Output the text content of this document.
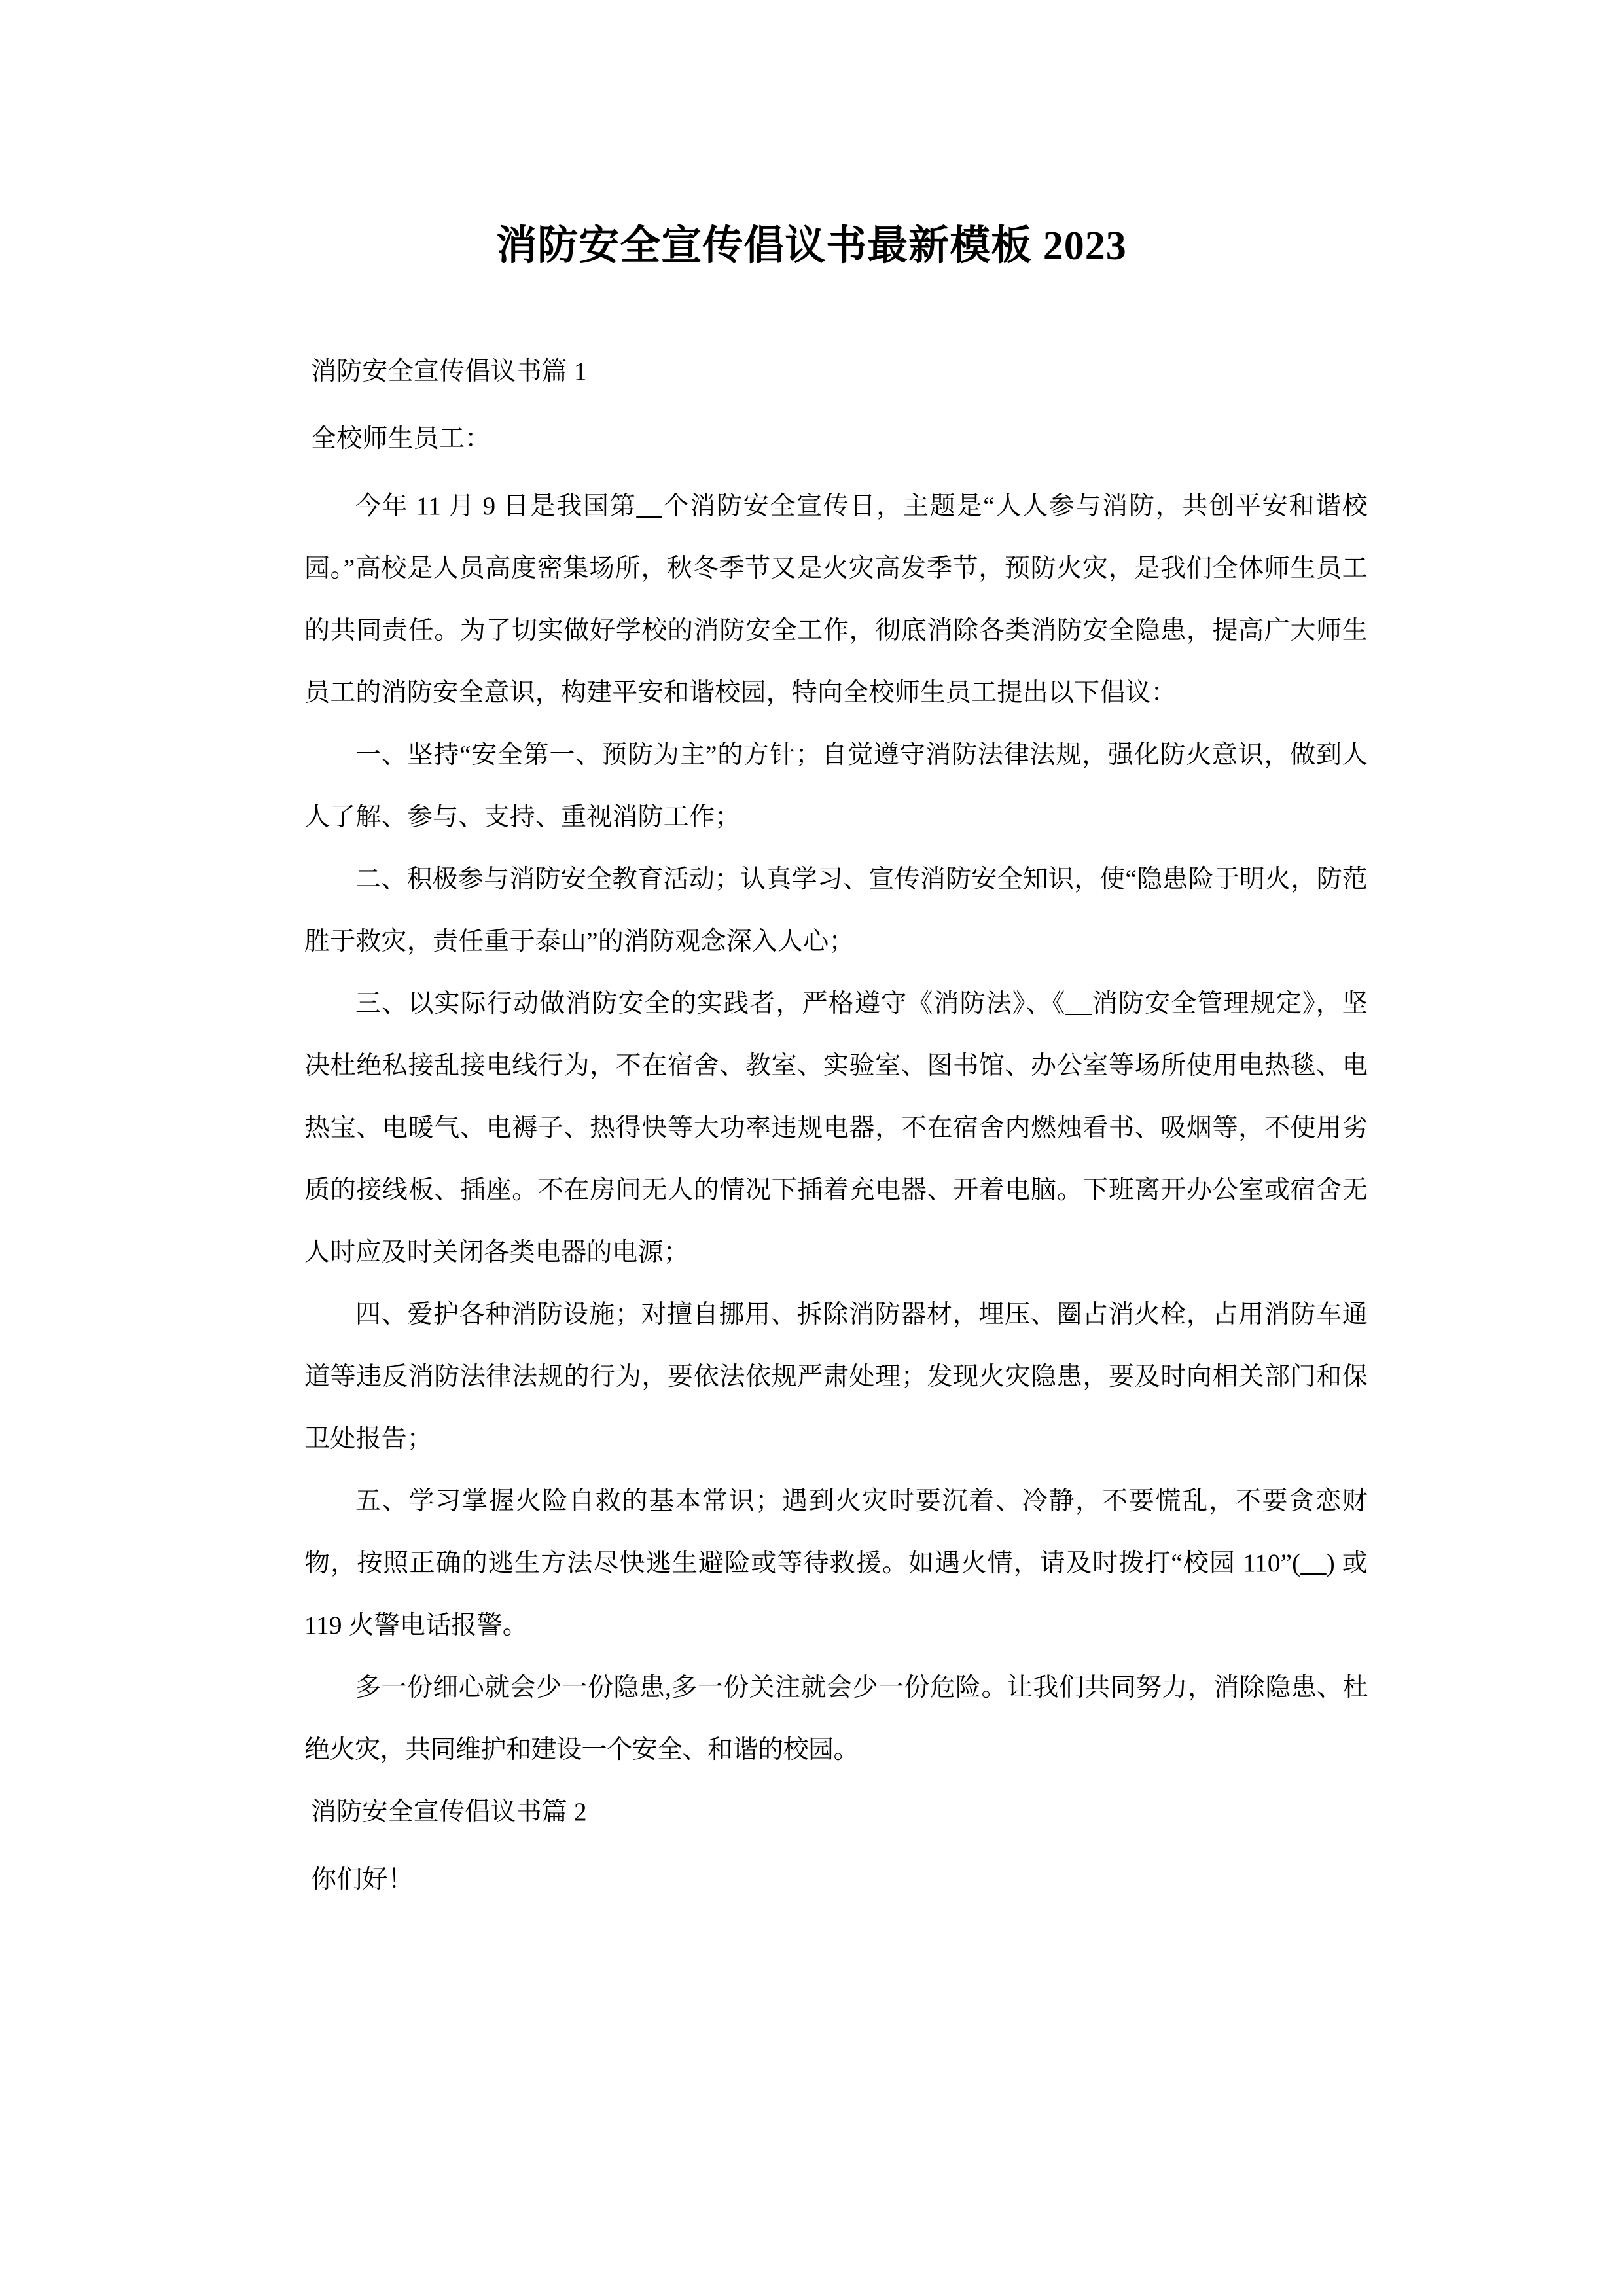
消防安全宣传倡议书最新模板 2023

消防安全宣传倡议书篇 1

全校师生员工：

今年 11 月 9 日是我国第__个消防安全宣传日，主题是“人人参与消防，共创平安和谐校园。”高校是人员高度密集场所，秋冬季节又是火灾高发季节，预防火灾，是我们全体师生员工的共同责任。为了切实做好学校的消防安全工作，彻底消除各类消防安全隐患，提高广大师生员工的消防安全意识，构建平安和谐校园，特向全校师生员工提出以下倡议：

一、坚持“安全第一、预防为主”的方针；自觉遵守消防法律法规，强化防火意识，做到人人了解、参与、支持、重视消防工作；

二、积极参与消防安全教育活动；认真学习、宣传消防安全知识，使“隐患险于明火，防范胜于救灾，责任重于泰山”的消防观念深入人心；

三、以实际行动做消防安全的实践者，严格遵守《消防法》、《__消防安全管理规定》，坚决杜绝私接乱接电线行为，不在宿舍、教室、实验室、图书馆、办公室等场所使用电热毯、电热宝、电暖气、电褥子、热得快等大功率违规电器，不在宿舍内燃烛看书、吸烟等，不使用劣质的接线板、插座。不在房间无人的情况下插着充电器、开着电脑。下班离开办公室或宿舍无人时应及时关闭各类电器的电源；

四、爱护各种消防设施；对擅自挪用、拆除消防器材，埋压、圈占消火栓，占用消防车通道等违反消防法律法规的行为，要依法依规严肃处理；发现火灾隐患，要及时向相关部门和保卫处报告；

五、学习掌握火险自救的基本常识；遇到火灾时要沉着、冷静，不要慌乱，不要贪恋财物，按照正确的逃生方法尽快逃生避险或等待救援。如遇火情，请及时拨打“校园 110”(__) 或 119 火警电话报警。

多一份细心就会少一份隐患,多一份关注就会少一份危险。让我们共同努力，消除隐患、杜绝火灾，共同维护和建设一个安全、和谐的校园。

消防安全宣传倡议书篇 2

你们好！
